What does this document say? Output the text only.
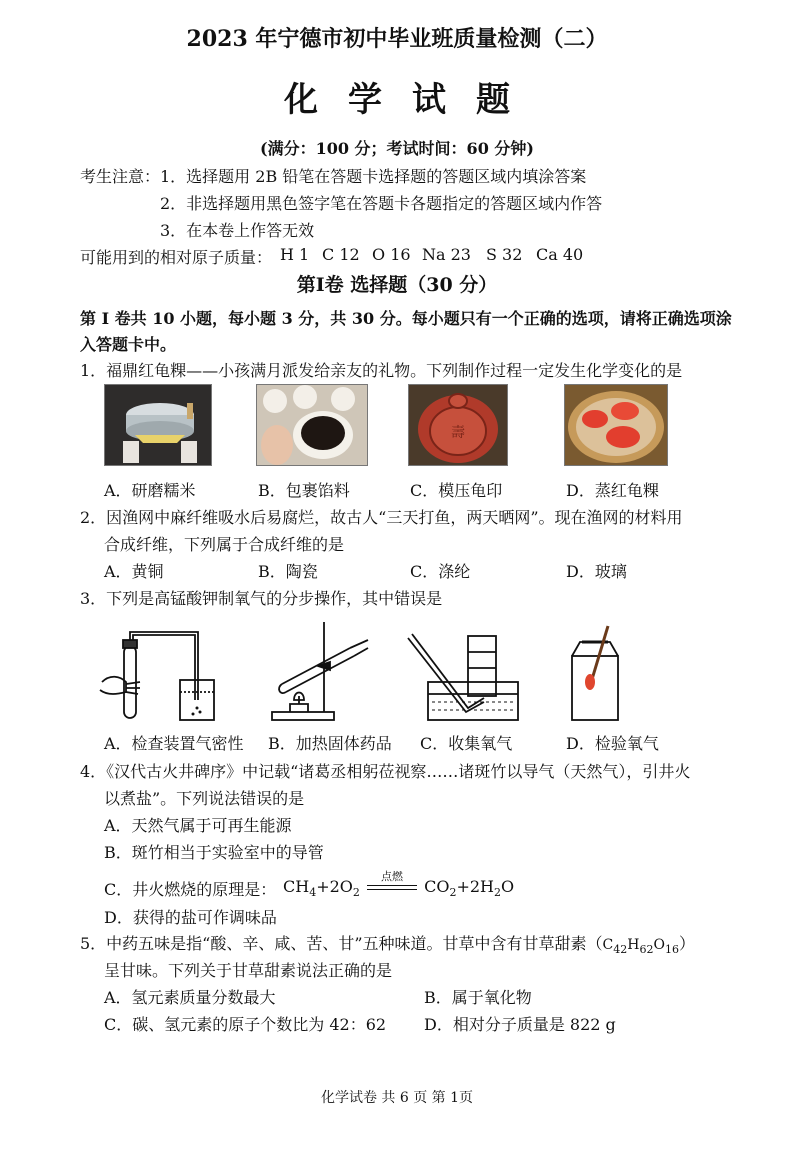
2023 年宁德市初中毕业班质量检测（二）
化学试题
(满分：100 分；考试时间：60 分钟)
考生注意： 1．选择题用 2B 铅笔在答题卡选择题的答题区域内填涂答案
2．非选择题用黑色签字笔在答题卡各题指定的答题区域内作答
3．在本卷上作答无效
可能用到的相对原子质量： H 1 C 12 O 16 Na 23 S 32 Ca 40
第I卷 选择题（30 分）
第 I 卷共 10 小题，每小题 3 分，共 30 分。每小题只有一个正确的选项，请将正确选项涂
入答题卡中。
1．福鼎红龟粿——小孩满月派发给亲友的礼物。下列制作过程一定发生化学变化的是
壽
A．研磨糯米	B．包裹馅料	C．模压龟印	D．蒸红龟粿
2．因渔网中麻纤维吸水后易腐烂，故古人“三天打鱼，两天晒网”。现在渔网的材料用
合成纤维，下列属于合成纤维的是
A．黄铜	B．陶瓷	C．涤纶	D．玻璃
3．下列是高锰酸钾制氧气的分步操作，其中错误是
A．检查装置气密性 B．加热固体药品 C．收集氧气	D．检验氧气
4．《汉代古火井碑序》中记载“诸葛丞相躬莅视察……诸斑竹以导气（天然气），引井火
以煮盐”。下列说法错误的是
A．天然气属于可再生能源
B．斑竹相当于实验室中的导管
C．井火燃烧的原理是： $CH_4+2O_2$
点燃
$CO_2+2H_2O$
D．获得的盐可作调味品
5．中药五味是指“酸、辛、咸、苦、甘”五种味道。甘草中含有甘草甜素$(C_{42}H_{62}O_{16})$
呈甘味。下列关于甘草甜素说法正确的是
A．氢元素质量分数最大	B．属于氧化物
C．碳、氢元素的原子个数比为 42：62 D．相对分子质量是 822 g
化学试卷 共 6 页 第 1页
